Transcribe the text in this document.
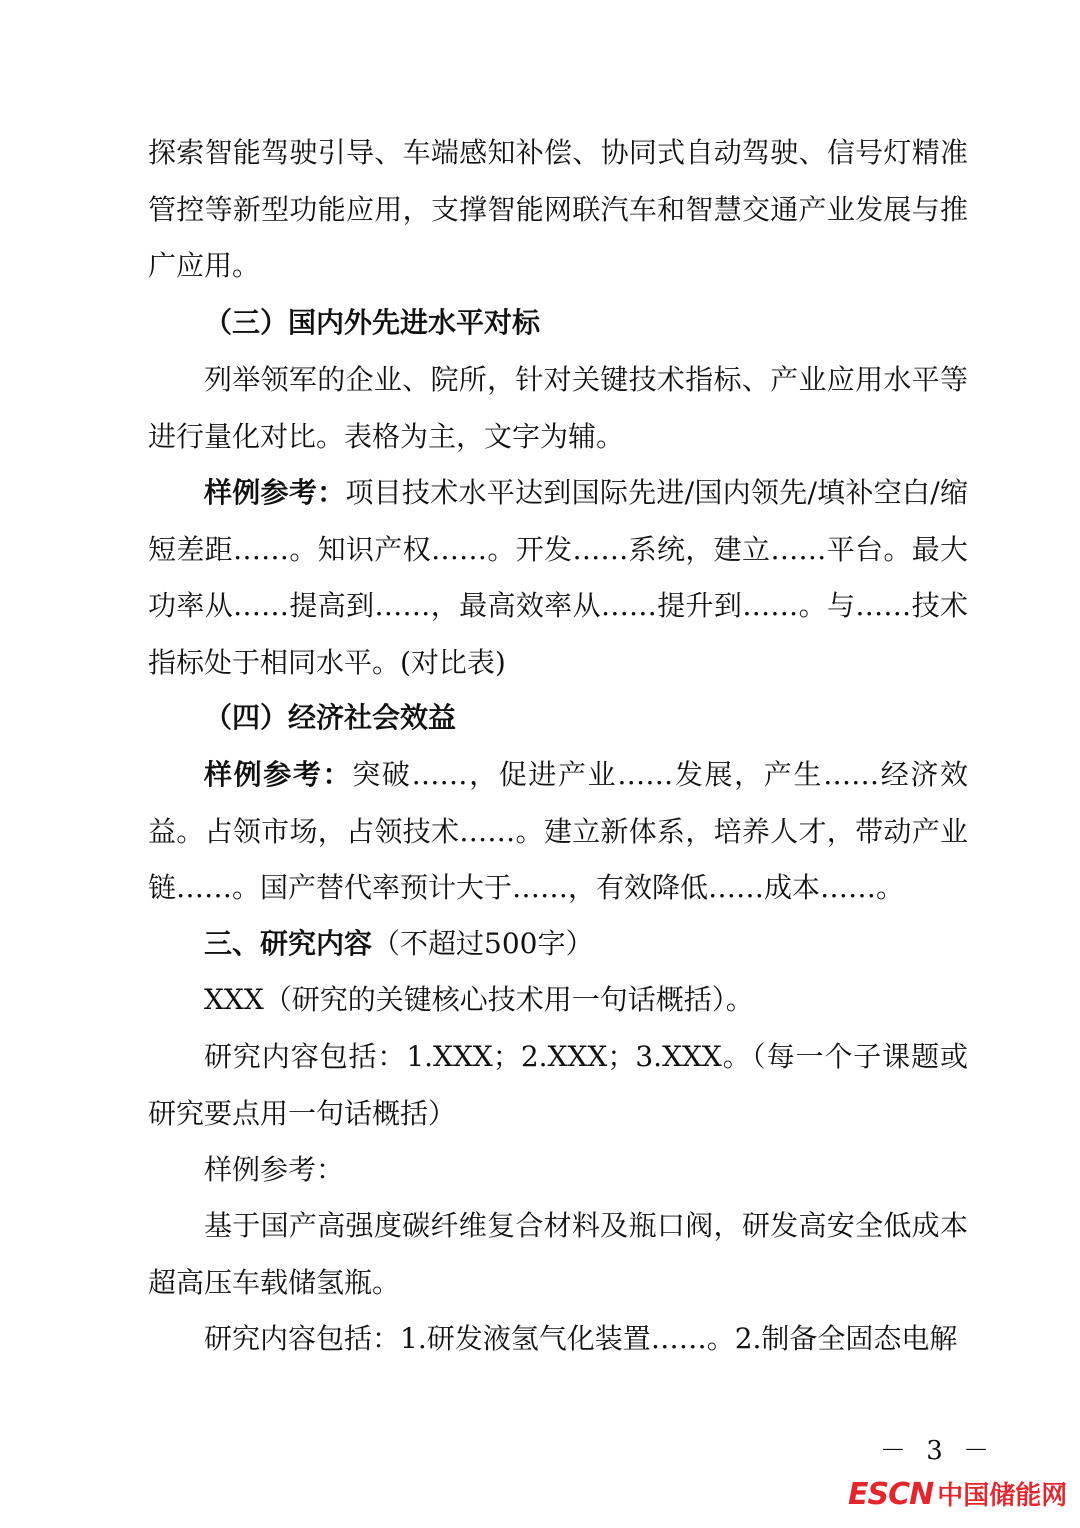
探索智能驾驶引导、车端感知补偿、协同式自动驾驶、信号灯精准管控等新型功能应用，支撑智能网联汽车和智慧交通产业发展与推广应用。

（三）国内外先进水平对标

列举领军的企业、院所，针对关键技术指标、产业应用水平等进行量化对比。表格为主，文字为辅。

样例参考：项目技术水平达到国际先进/国内领先/填补空白/缩短差距……。知识产权……。开发……系统，建立……平台。最大功率从……提高到……，最高效率从……提升到……。与……技术指标处于相同水平。(对比表)

（四）经济社会效益

样例参考：突破……，促进产业……发展，产生……经济效益。占领市场，占领技术……。建立新体系，培养人才，带动产业链……。国产替代率预计大于……，有效降低……成本……。

三、研究内容（不超过500字）

XXX（研究的关键核心技术用一句话概括）。

研究内容包括：1.XXX；2.XXX；3.XXX。（每一个子课题或研究要点用一句话概括）

样例参考：

基于国产高强度碳纤维复合材料及瓶口阀，研发高安全低成本超高压车载储氢瓶。

研究内容包括：1.研发液氢气化装置……。2.制备全固态电解

－ 3 －
ESCN 中国储能网
